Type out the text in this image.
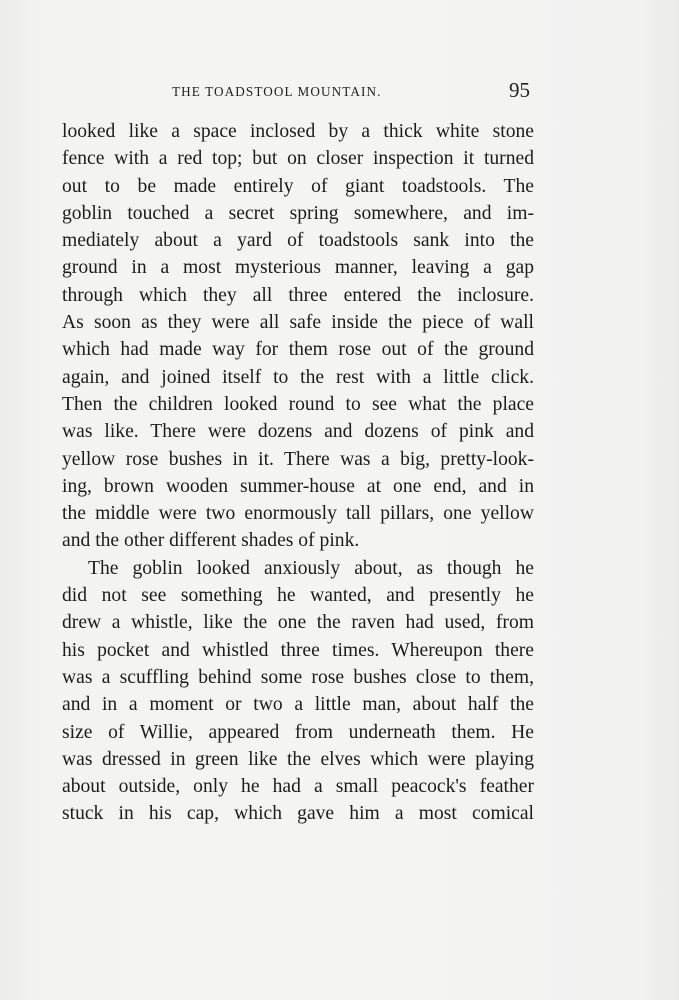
THE TOADSTOOL MOUNTAIN.	95
looked like a space inclosed by a thick white stone
fence with a red top; but on closer inspection it turned
out to be made entirely of giant toadstools. The
goblin touched a secret spring somewhere, and im-
mediately about a yard of toadstools sank into the
ground in a most mysterious manner, leaving a gap
through which they all three entered the inclosure.
As soon as they were all safe inside the piece of wall
which had made way for them rose out of the ground
again, and joined itself to the rest with a little click.
Then the children looked round to see what the place
was like. There were dozens and dozens of pink and
yellow rose bushes in it. There was a big, pretty-look-
ing, brown wooden summer-house at one end, and in
the middle were two enormously tall pillars, one yellow
and the other different shades of pink.
The goblin looked anxiously about, as though he
did not see something he wanted, and presently he
drew a whistle, like the one the raven had used, from
his pocket and whistled three times. Whereupon there
was a scuffling behind some rose bushes close to them,
and in a moment or two a little man, about half the
size of Willie, appeared from underneath them. He
was dressed in green like the elves which were playing
about outside, only he had a small peacock's feather
stuck in his cap, which gave him a most comical
